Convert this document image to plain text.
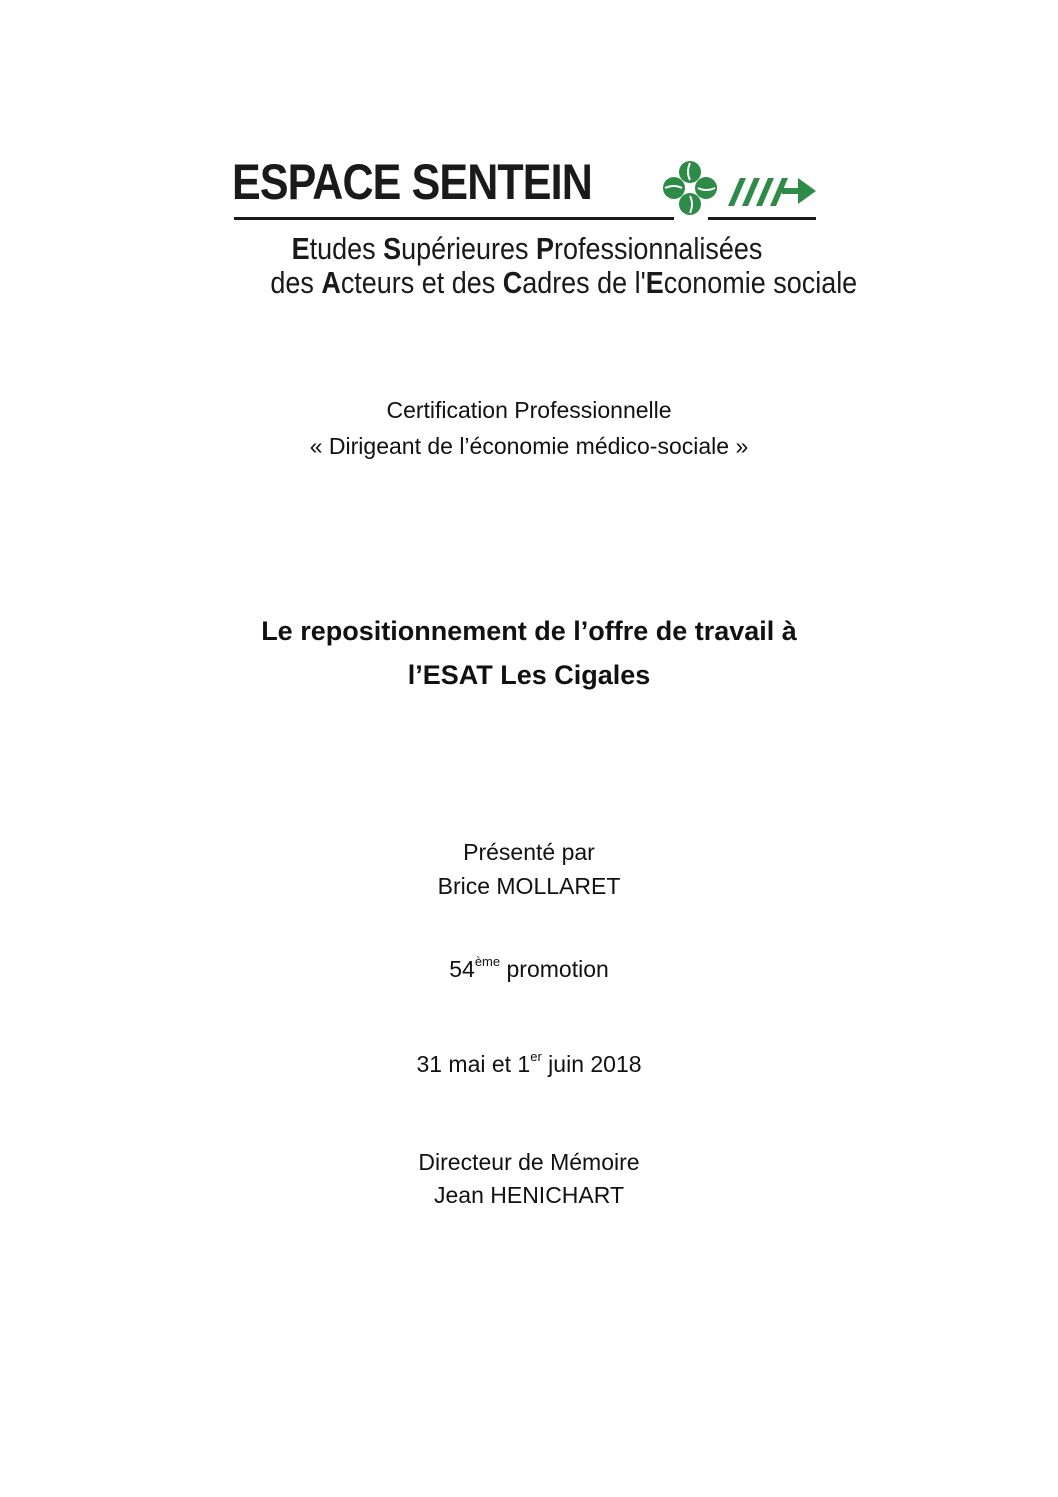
ESPACE SENTEIN
Etudes Supérieures Professionnalisées
des Acteurs et des Cadres de l'Economie sociale
Certification Professionnelle
« Dirigeant de l’économie médico-sociale »
Le repositionnement de l’offre de travail à
l’ESAT Les Cigales
Présenté par
Brice MOLLARET
54ème promotion
31 mai et 1er juin 2018
Directeur de Mémoire
Jean HENICHART
